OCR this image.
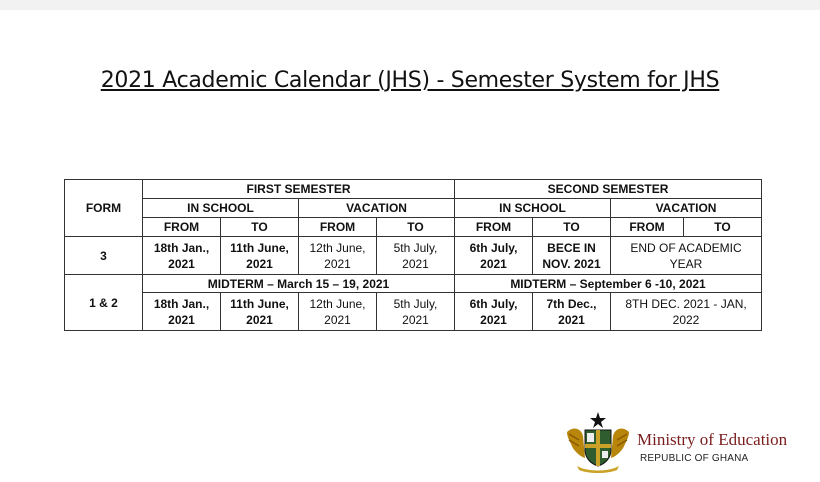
2021 Academic Calendar (JHS) - Semester System for JHS
FORM	FIRST SEMESTER				SECOND SEMESTER			
	IN SCHOOL		VACATION		IN SCHOOL		VACATION	
	FROM	TO	FROM	TO	FROM	TO	FROM	TO
3	18th Jan., 2021	11th June, 2021	12th June, 2021	5th July, 2021	6th July, 2021	BECE IN NOV. 2021	END OF ACADEMIC YEAR	
1 & 2	MIDTERM – March 15 – 19, 2021				MIDTERM – September 6 -10, 2021			
	18th Jan., 2021	11th June, 2021	12th June, 2021	5th July, 2021	6th July, 2021	7th Dec., 2021	8TH DEC. 2021 - JAN, 2022	
Ministry of Education
REPUBLIC OF GHANA
